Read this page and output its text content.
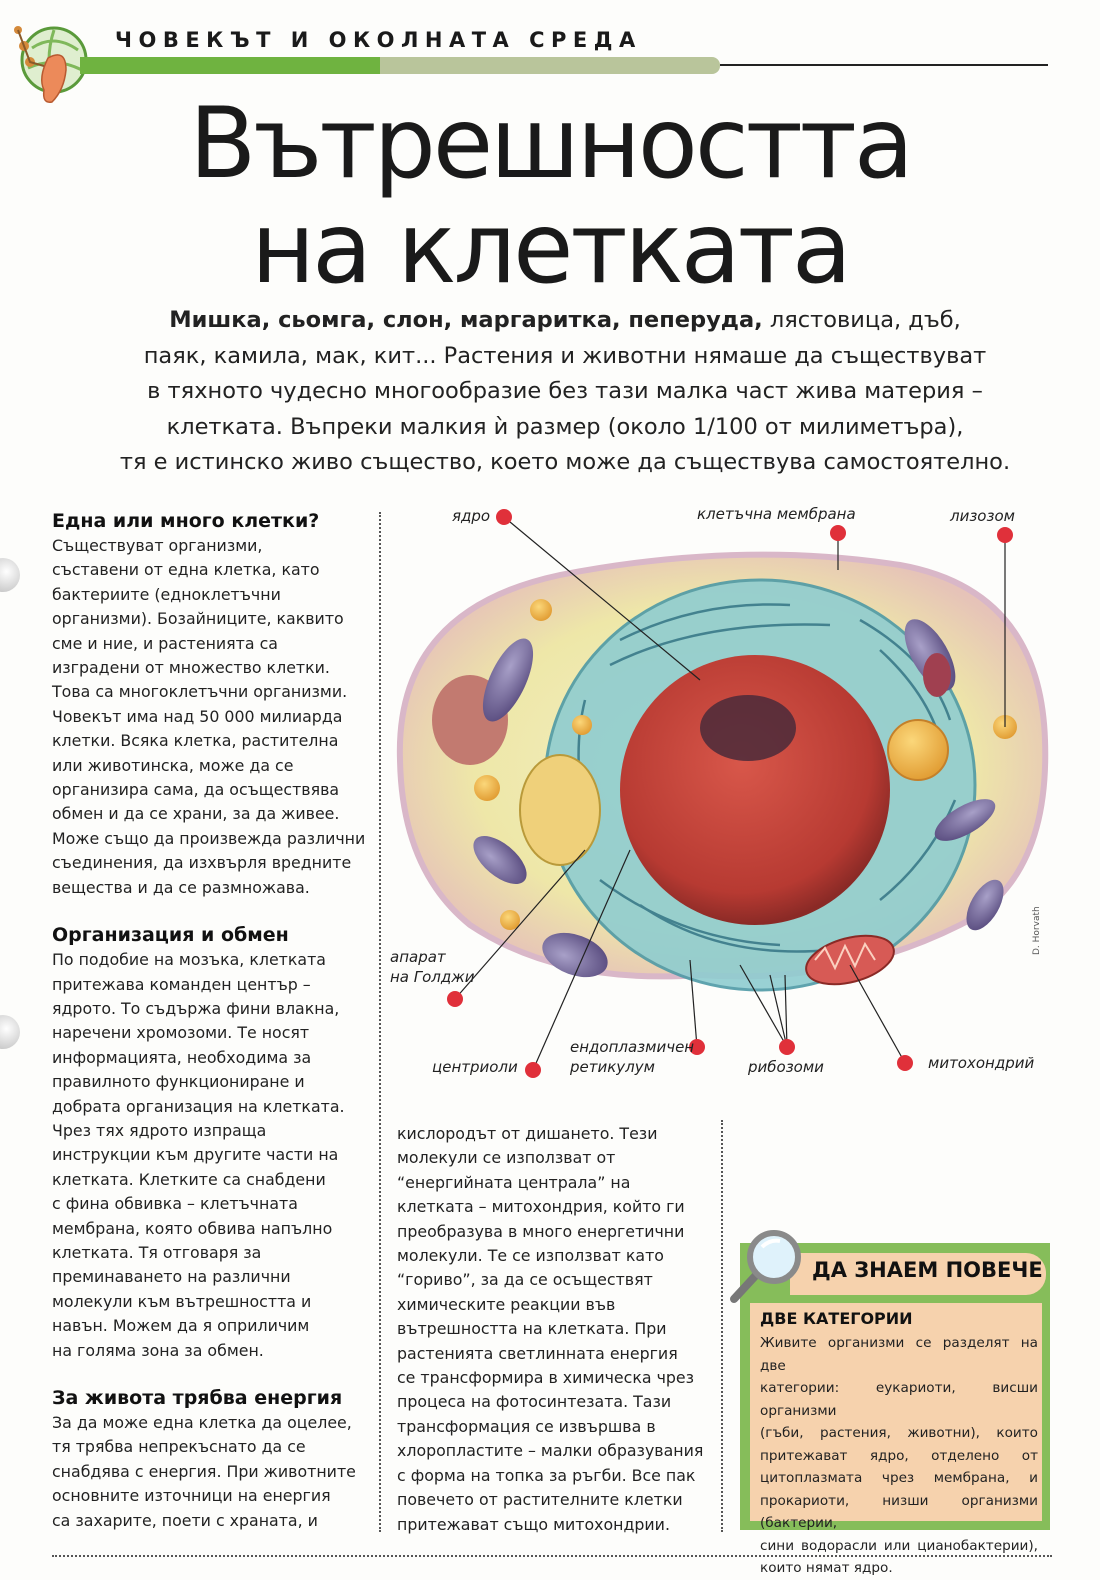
ЧОВЕКЪТ И ОКОЛНАТА СРЕДА
Вътрешността
на клетката
Мишка, сьомга, слон, маргаритка, пеперуда, лястовица, дъб,
паяк, камила, мак, кит... Растения и животни нямаше да съществуват
в тяхното чудесно многообразие без тази малка част жива материя –
клетката. Въпреки малкия ѝ размер (около 1/100 от милиметъра),
тя е истинско живо същество, което може да съществува самостоятелно.
Една или много клетки?
Съществуват организми,
съставени от една клетка, като
бактериите (едноклетъчни
организми). Бозайниците, каквито
сме и ние, и растенията са
изградени от множество клетки.
Това са многоклетъчни организми.
Човекът има над 50 000 милиарда
клетки. Всяка клетка, растителна
или животинска, може да се
организира сама, да осъществява
обмен и да се храни, за да живее.
Може също да произвежда различни
съединения, да изхвърля вредните
вещества и да се размножава.
Организация и обмен
По подобие на мозъка, клетката
притежава команден център –
ядрото. То съдържа фини влакна,
наречени хромозоми. Те носят
информацията, необходима за
правилното функциониране и
добрата организация на клетката.
Чрез тях ядрото изпраща
инструкции към другите части на
клетката. Клетките са снабдени
с фина обвивка – клетъчната
мембрана, която обвива напълно
клетката. Тя отговаря за
преминаването на различни
молекули към вътрешността и
навън. Можем да я оприличим
на голяма зона за обмен.
За живота трябва енергия
За да може една клетка да оцелее,
тя трябва непрекъснато да се
снабдява с енергия. При животните
основните източници на енергия
са захарите, поети с храната, и
кислородът от дишането. Тези
молекули се използват от
“енергийната централа” на
клетката – митохондрия, който ги
преобразува в много енергетични
молекули. Те се използват като
“гориво”, за да се осъществят
химическите реакции във
вътрешността на клетката. При
растенията светлинната енергия
се трансформира в химическа чрез
процеса на фотосинтезата. Тази
трансформация се извършва в
хлоропластите – малки образувания
с форма на топка за ръгби. Все пак
повечето от растителните клетки
притежават също митохондрии.
ядро	клетъчна мембрана	лизозом
апарат
на Голджи
центриоли
ендоплазмичен
ретикулум	рибозоми	митохондрий
D. Horvath
ДА ЗНАЕМ ПОВЕЧЕ
ДВЕ КАТЕГОРИИ
Живите организми се разделят на две
категории: еукариоти, висши организми
(гъби, растения, животни), които
притежават ядро, отделено от
цитоплазмата чрез мембрана, и
прокариоти, низши организми (бактерии,
сини водорасли или цианобактерии),
които нямат ядро.
